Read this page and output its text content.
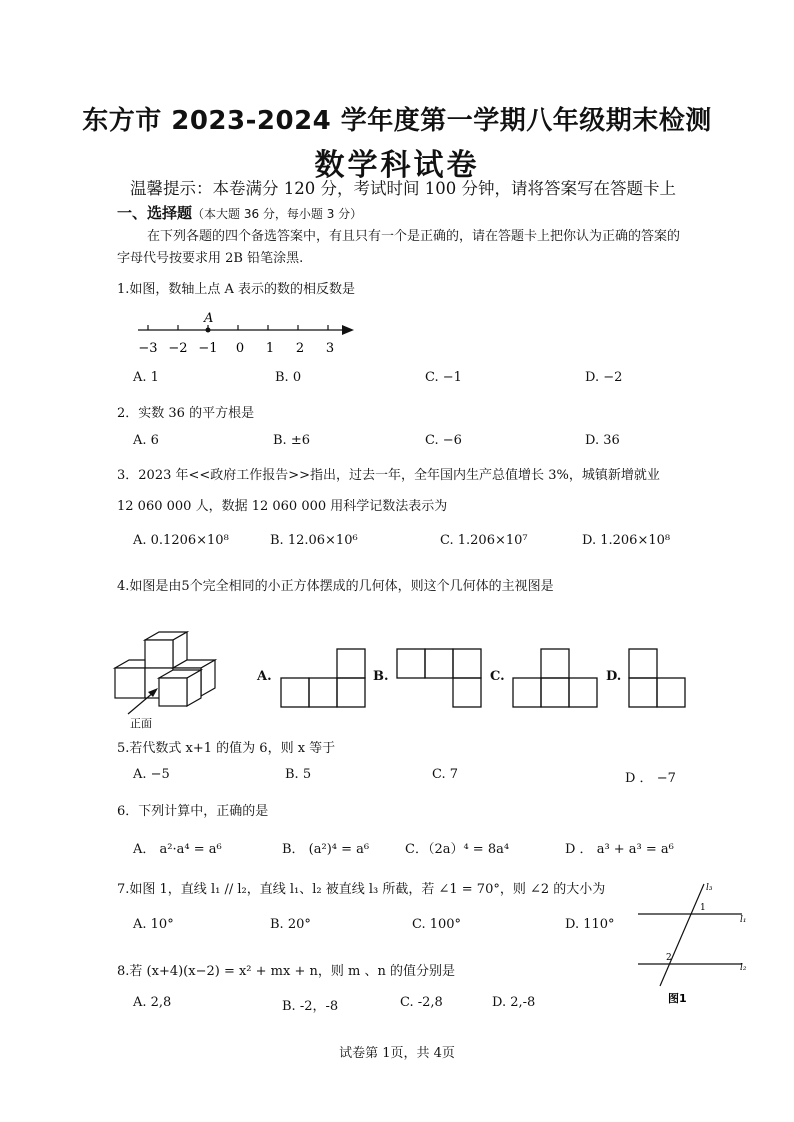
东方市 2023-2024 学年度第一学期八年级期末检测
数学科试卷
温馨提示：本卷满分 120 分，考试时间 100 分钟，请将答案写在答题卡上
一、选择题（本大题 36 分，每小题 3 分）
在下列各题的四个备选答案中，有且只有一个是正确的，请在答题卡上把你认为正确的答案的字母代号按要求用 2B 铅笔涂黑.
1.如图，数轴上点 A 表示的数的相反数是
A
−3 −2 −1 0 1 2 3
A. 1	B. 0	C. −1	D. −2
2．实数 36 的平方根是
A. 6	B. ±6	C. −6	D. 36
3．2023 年<<政府工作报告>>指出，过去一年，全年国内生产总值增长 3%，城镇新增就业
12 060 000 人，数据 12 060 000 用科学记数法表示为
A. 0.1206×10⁸	B. 12.06×10⁶	C. 1.206×10⁷	D. 1.206×10⁸
4.如图是由5个完全相同的小正方体摆成的几何体，则这个几何体的主视图是
正面
A.	B.	C.	D.
5.若代数式 x+1 的值为 6，则 x 等于
A. −5	B. 5	C. 7	D ． −7
6．下列计算中，正确的是
A． a²·a⁴ = a⁶	B． (a²)⁴ = a⁶	C．（2a）⁴ = 8a⁴	D ． a³ + a³ = a⁶
7.如图 1，直线 l₁ // l₂，直线 l₁、l₂ 被直线 l₃ 所截，若 ∠1 = 70°，则 ∠2 的大小为
A. 10°	B. 20°	C. 100°	D. 110°
l₃
1
l₁
2
l₂
图1
8.若 (x+4)(x−2) = x² + mx + n，则 m 、n 的值分别是
A. 2,8	B. -2，-8	C. -2,8	D. 2,-8
试卷第 1页，共 4页
